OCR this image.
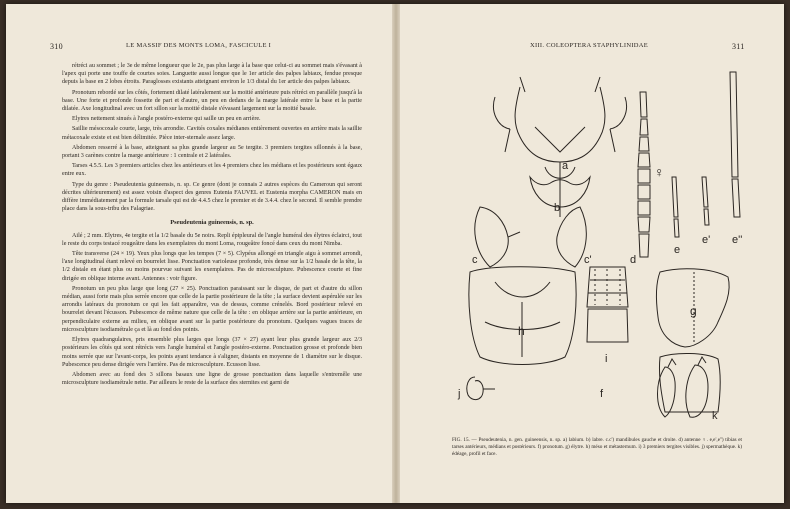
310	LE MASSIF DES MONTS LOMA, FASCICULE I

rétréci au sommet ; le 3e de même longueur que le 2e, pas plus large à la base que celui-ci au sommet mais s'évasant à l'apex qui porte une touffe de courtes soies. Languette aussi longue que le 1er article des palpes labiaux, fendue presque depuis la base en 2 lobes étroits. Paraglosses existants atteignant environ le 1/3 distal du 1er article des palpes labiaux.

Pronotum rebordé sur les côtés, fortement dilaté latéralement sur la moitié antérieure puis rétréci en parallèle jusqu'à la base. Une forte et profonde fossette de part et d'autre, un peu en dedans de la marge latérale entre la base et la partie dilatée. Axe longitudinal avec un fort sillon sur la moitié distale s'évasant largement sur la moitié basale.

Elytres nettement sinués à l'angle postéro-externe qui saille un peu en arrière.

Saillie mésocoxale courte, large, très arrondie. Cavités coxales médianes entièrement ouvertes en arrière mais la saillie métacoxale existe et est bien délimitée. Pièce inter-sternale assez large.

Abdomen resserré à la base, atteignant sa plus grande largeur au 5e tergite. 3 premiers tergites sillonnés à la base, portant 3 carènes contre la marge antérieure : 1 centrale et 2 latérales.

Tarses 4.5.5. Les 3 premiers articles chez les antérieurs et les 4 premiers chez les médians et les postérieurs sont égaux entre eux.

Type du genre : Pseudeutenia guineensis, n. sp. Ce genre (dont je connais 2 autres espèces du Cameroun qui seront décrites ultérieurement) est assez voisin d'aspect des genres Eutenia FAUVEL et Eustenia morpha CAMERON mais en diffère immédiatement par la formule tarsale qui est de 4.4.5 chez le premier et de 3.4.4. chez le second. Il semble prendre place dans la sous-tribu des Falagriae.

Pseudeutenia guineensis, n. sp.

Ailé ; 2 mm. Elytres, 4e tergite et la 1/2 basale du 5e noirs. Repli épipleural de l'angle huméral des élytres éclairci, tout le reste du corps testacé rougeâtre dans les exemplaires du mont Loma, rougeâtre foncé dans ceux du mont Nimba.

Tête transverse (24 × 19). Yeux plus longs que les tempes (7 × 5). Clypéus allongé en triangle aigu à sommet arrondi, l'axe longitudinal étant relevé en bourrelet lisse. Ponctuation varioleuse profonde, très dense sur la 1/2 basale de la tête, la 1/2 distale en étant plus ou moins pourvue suivant les exemplaires. Pas de microsculpture. Pubescence courte et fine dirigée en oblique interne avant. Antennes : voir figure.

Pronotum un peu plus large que long (27 × 25). Ponctuation paraissant sur le disque, de part et d'autre du sillon médian, aussi forte mais plus serrée encore que celle de la partie postérieure de la tête ; la surface devient aspérulée sur les arrondis latéraux du pronotum ce qui les fait apparaître, vus de dessus, comme crénelés. Bord postérieur relevé en bourrelet devant l'écusson. Pubescence de même nature que celle de la tête : en oblique arrière sur la partie antérieure, en perpendiculaire externe au milieu, en oblique avant sur la partie postérieure du pronotum. Quelques vagues traces de microsculpture isodiamétrale ça et là au fond des points.

Elytres quadrangulaires, pris ensemble plus larges que longs (37 × 27) ayant leur plus grande largeur aux 2/3 postérieurs les côtés qui sont rétrécis vers l'angle huméral et l'angle postéro-externe. Ponctuation grosse et profonde bien moins serrée que sur l'avant-corps, les points ayant tendance à s'aligner, distants en moyenne de 1 diamètre sur le disque. Pubescence peu dense dirigée vers l'arrière. Pas de microsculpture. Ecusson lisse.

Abdomen avec au fond des 3 sillons basaux une ligne de grosse ponctuation dans laquelle s'entremêle une microsculpture isodiamétrale nette. Par ailleurs le reste de la surface des sternites est garni de

XIII. COLEOPTERA STAPHYLINIDAE	311
a
b
c	c'	d
♀
e
e' e''
g
h
i
j	f
k
FIG. 15. — Pseudeutenia, n. gen. guineensis, n. sp. a) labium. b) labre. c.c') mandibules gauche et droite. d) antenne ♀. e,e',e'') tibias et tarses antérieurs, médians et postérieurs. f) pronotum. g) élytre. h) méso et métasternum. i) 3 premiers tergites visibles. j) spermathèque. k) édéage, profil et face.
